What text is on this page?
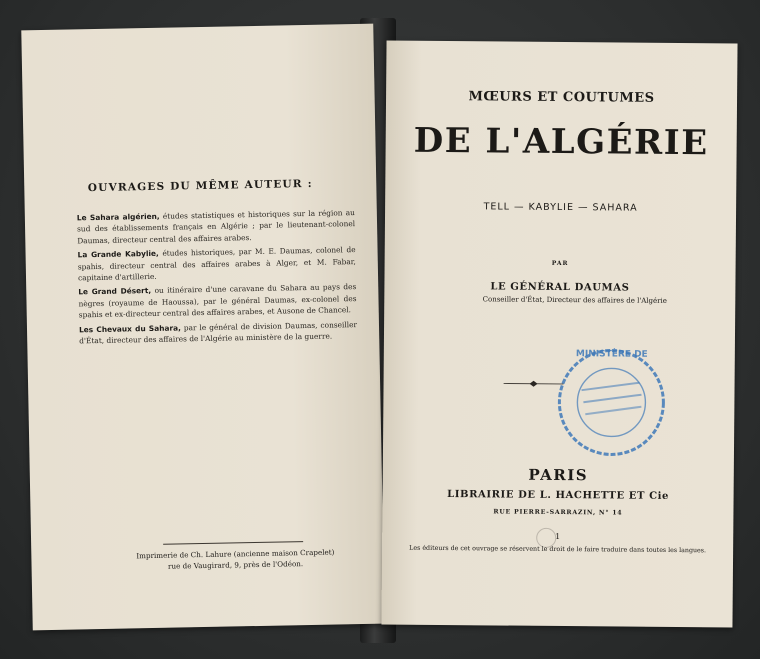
OUVRAGES DU MÊME AUTEUR :
Le Sahara algérien, études statistiques et historiques sur la région au sud des établissements français en Algérie ; par le lieutenant-colonel Daumas, directeur central des affaires arabes.
La Grande Kabylie, études historiques, par M. E. Daumas, colonel de spahis, directeur central des affaires arabes à Alger, et M. Fabar, capitaine d'artillerie.
Le Grand Désert, ou itinéraire d'une caravane du Sahara au pays des nègres (royaume de Haoussa), par le général Daumas, ex-colonel des spahis et ex-directeur central des affaires arabes, et Ausone de Chancel.
Les Chevaux du Sahara, par le général de division Daumas, conseiller d'État, directeur des affaires de l'Algérie au ministère de la guerre.
Imprimerie de Ch. Lahure (ancienne maison Crapelet)
rue de Vaugirard, 9, près de l'Odéon.
MŒURS ET COUTUMES
DE L'ALGÉRIE
TELL — KABYLIE — SAHARA
PAR
LE GÉNÉRAL DAUMAS
Conseiller d'État, Directeur des affaires de l'Algérie
MINISTÈRE DE
PARIS
LIBRAIRIE DE L. HACHETTE ET Cie
RUE PIERRE-SARRAZIN, N° 14
1
Les éditeurs de cet ouvrage se réservent le droit de le faire traduire dans toutes les langues.
